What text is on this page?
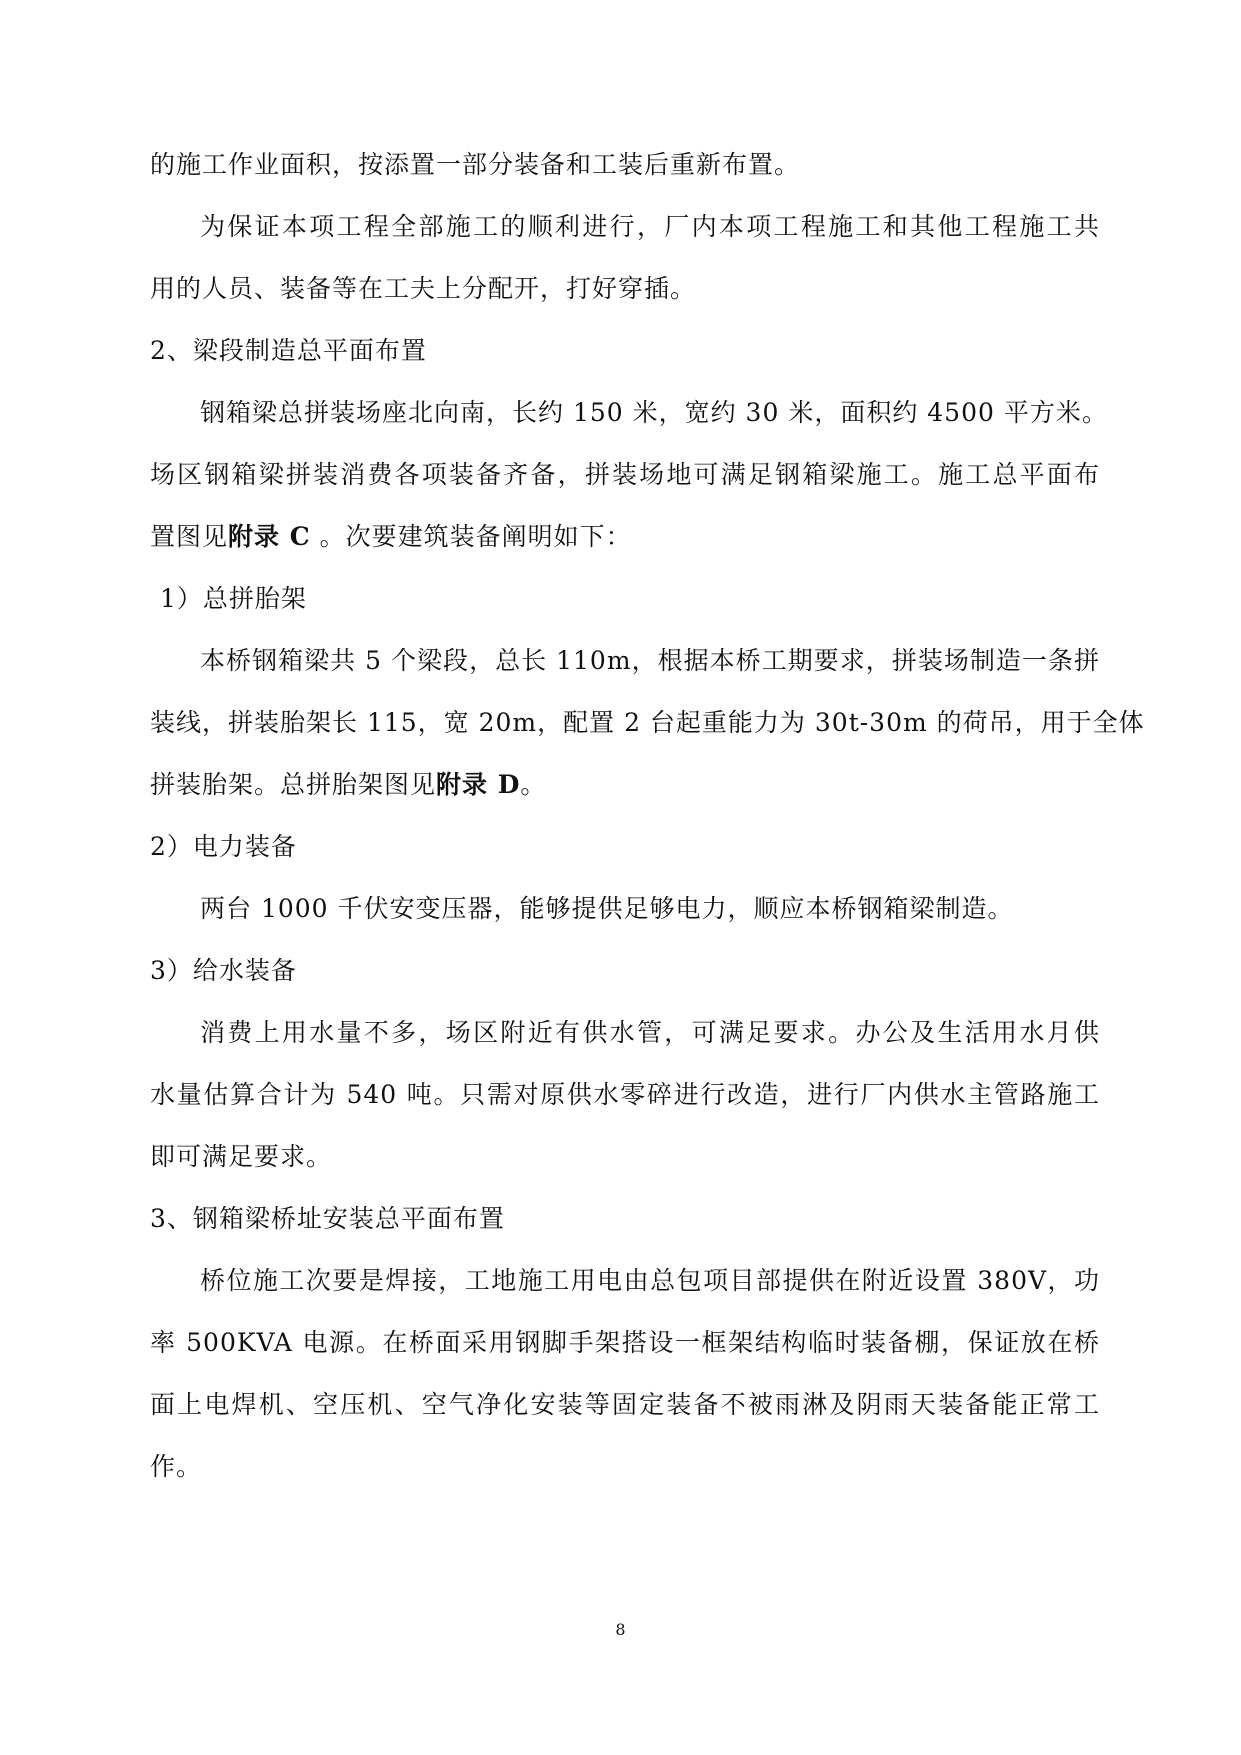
的施工作业面积，按添置一部分装备和工装后重新布置。
为保证本项工程全部施工的顺利进行，厂内本项工程施工和其他工程施工共
用的人员、装备等在工夫上分配开，打好穿插。
2、梁段制造总平面布置
钢箱梁总拼装场座北向南，长约 150 米，宽约 30 米，面积约 4500 平方米。
场区钢箱梁拼装消费各项装备齐备，拼装场地可满足钢箱梁施工。施工总平面布
置图见附录 C 。次要建筑装备阐明如下：
1）总拼胎架
本桥钢箱梁共 5 个梁段，总长 110m，根据本桥工期要求，拼装场制造一条拼
装线，拼装胎架长 115，宽 20m，配置 2 台起重能力为 30t-30m 的荷吊，用于全体
拼装胎架。总拼胎架图见附录 D。
2）电力装备
两台 1000 千伏安变压器，能够提供足够电力，顺应本桥钢箱梁制造。
3）给水装备
消费上用水量不多，场区附近有供水管，可满足要求。办公及生活用水月供
水量估算合计为 540 吨。只需对原供水零碎进行改造，进行厂内供水主管路施工
即可满足要求。
3、钢箱梁桥址安装总平面布置
桥位施工次要是焊接，工地施工用电由总包项目部提供在附近设置 380V，功
率 500KVA 电源。在桥面采用钢脚手架搭设一框架结构临时装备棚，保证放在桥
面上电焊机、空压机、空气净化安装等固定装备不被雨淋及阴雨天装备能正常工
作。
8
